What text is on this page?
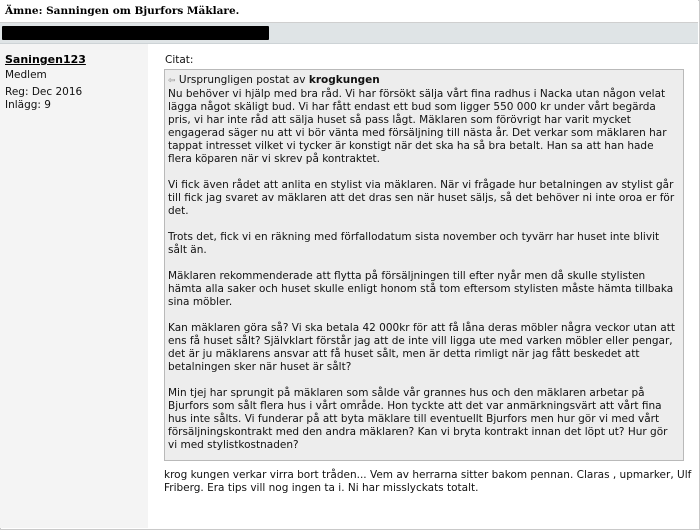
Ämne: Sanningen om Bjurfors Mäklare.
Saningen123
Medlem
Reg: Dec 2016
Inlägg: 9
Citat:
⇦ Ursprungligen postat av krogkungen

Nu behöver vi hjälp med bra råd. Vi har försökt sälja vårt fina radhus i Nacka utan någon velat lägga något skäligt bud. Vi har fått endast ett bud som ligger 550 000 kr under vårt begärda pris, vi har inte råd att sälja huset så pass lågt. Mäklaren som förövrigt har varit mycket engagerad säger nu att vi bör vänta med försäljning till nästa år. Det verkar som mäklaren har tappat intresset vilket vi tycker är konstigt när det ska ha så bra betalt. Han sa att han hade flera köparen när vi skrev på kontraktet.

Vi fick även rådet att anlita en stylist via mäklaren. När vi frågade hur betalningen av stylist går till fick jag svaret av mäklaren att det dras sen när huset säljs, så det behöver ni inte oroa er för det.

Trots det, fick vi en räkning med förfallodatum sista november och tyvärr har huset inte blivit sålt än.

Mäklaren rekommenderade att flytta på försäljningen till efter nyår men då skulle stylisten hämta alla saker och huset skulle enligt honom stå tom eftersom stylisten måste hämta tillbaka sina möbler.

Kan mäklaren göra så? Vi ska betala 42 000kr för att få låna deras möbler några veckor utan att ens få huset sålt? Självklart förstår jag att de inte vill ligga ute med varken möbler eller pengar, det är ju mäklarens ansvar att få huset sålt, men är detta rimligt när jag fått beskedet att betalningen sker när huset är sålt?

Min tjej har sprungit på mäklaren som sålde vår grannes hus och den mäklaren arbetar på Bjurfors som sålt flera hus i vårt område. Hon tyckte att det var anmärkningsvärt att vårt fina hus inte sålts. Vi funderar på att byta mäklare till eventuellt Bjurfors men hur gör vi med vårt försäljningskontrakt med den andra mäklaren? Kan vi bryta kontrakt innan det löpt ut? Hur gör vi med stylistkostnaden?

krog kungen verkar virra bort tråden... Vem av herrarna sitter bakom pennan. Claras , upmarker, Ulf Friberg. Era tips vill nog ingen ta i. Ni har misslyckats totalt.
